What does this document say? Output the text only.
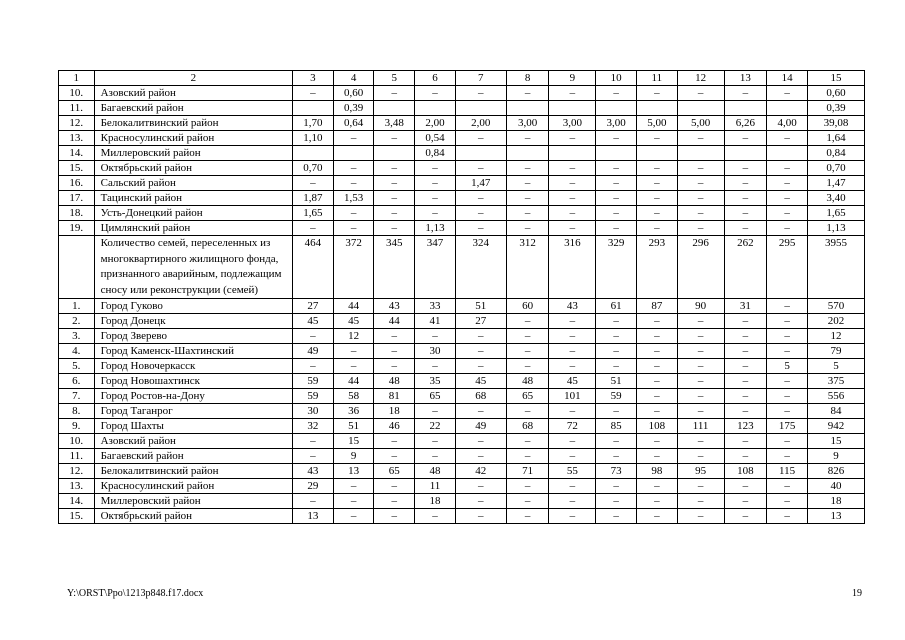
1	2	3	4	5	6	7	8	9	10	11	12	13	14	15
10.	Азовский район	–	0,60	–	–	–	–	–	–	–	–	–	–	0,60
11.	Багаевский район		0,39											0,39
12.	Белокалитвинский район	1,70	0,64	3,48	2,00	2,00	3,00	3,00	3,00	5,00	5,00	6,26	4,00	39,08
13.	Красносулинский район	1,10	–	–	0,54	–	–	–	–	–	–	–	–	1,64
14.	Миллеровский район				0,84									0,84
15.	Октябрьский район	0,70	–	–	–	–	–	–	–	–	–	–	–	0,70
16.	Сальский район	–	–	–	–	1,47	–	–	–	–	–	–	–	1,47
17.	Тацинский район	1,87	1,53	–	–	–	–	–	–	–	–	–	–	3,40
18.	Усть-Донецкий район	1,65	–	–	–	–	–	–	–	–	–	–	–	1,65
19.	Цимлянский район	–	–	–	1,13	–	–	–	–	–	–	–	–	1,13
	Количество семей, переселенных из многоквартирного жилищного фонда, признанного аварийным, подлежащим сносу или реконструкции (семей)	464	372	345	347	324	312	316	329	293	296	262	295	3955
1.	Город Гуково	27	44	43	33	51	60	43	61	87	90	31	–	570
2.	Город Донецк	45	45	44	41	27	–	–	–	–	–	–	–	202
3.	Город Зверево	–	12	–	–	–	–	–	–	–	–	–	–	12
4.	Город Каменск-Шахтинский	49	–	–	30	–	–	–	–	–	–	–	–	79
5.	Город Новочеркасск	–	–	–	–	–	–	–	–	–	–	–	5	5
6.	Город Новошахтинск	59	44	48	35	45	48	45	51	–	–	–	–	375
7.	Город Ростов-на-Дону	59	58	81	65	68	65	101	59	–	–	–	–	556
8.	Город Таганрог	30	36	18	–	–	–	–	–	–	–	–	–	84
9.	Город Шахты	32	51	46	22	49	68	72	85	108	111	123	175	942
10.	Азовский район	–	15	–	–	–	–	–	–	–	–	–	–	15
11.	Багаевский район	–	9	–	–	–	–	–	–	–	–	–	–	9
12.	Белокалитвинский район	43	13	65	48	42	71	55	73	98	95	108	115	826
13.	Красносулинский район	29	–	–	11	–	–	–	–	–	–	–	–	40
14.	Миллеровский район	–	–	–	18	–	–	–	–	–	–	–	–	18
15.	Октябрьский район	13	–	–	–	–	–	–	–	–	–	–	–	13
Y:\ORST\Ppo\1213p848.f17.docx	19
